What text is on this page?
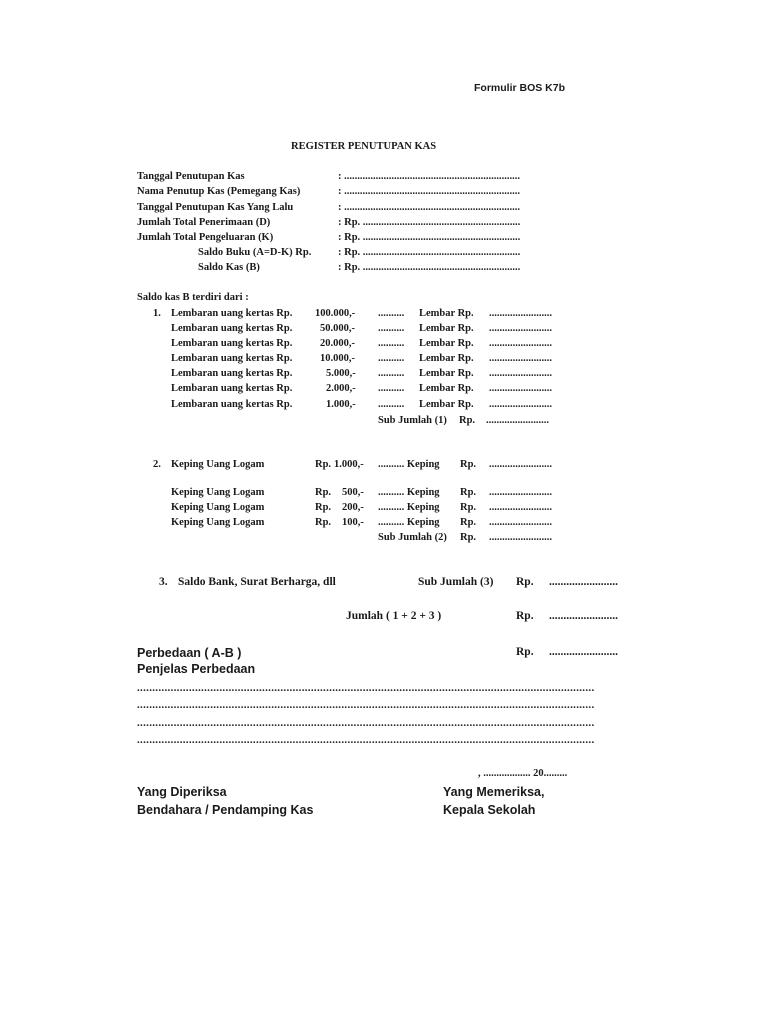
Formulir BOS K7b
REGISTER PENUTUPAN KAS
Tanggal Penutupan Kas	: ...................................................................
Nama Penutup Kas (Pemegang Kas)	: ...................................................................
Tanggal Penutupan Kas Yang Lalu	: ...................................................................
Jumlah Total Penerimaan (D)	: Rp. ............................................................
Jumlah Total Pengeluaran (K)	: Rp. ............................................................
Saldo Buku (A=D-K) Rp.	: Rp. ............................................................
Saldo Kas (B)	: Rp. ............................................................
Saldo kas B terdiri dari :
1. Lembaran uang kertas Rp. 100.000,- .......... Lembar Rp. ........................
Lembaran uang kertas Rp.	50.000,- .......... Lembar Rp. ........................
Lembaran uang kertas Rp.	20.000,- .......... Lembar Rp. ........................
Lembaran uang kertas Rp.	10.000,- .......... Lembar Rp. ........................
Lembaran uang kertas Rp.	5.000,- .......... Lembar Rp. ........................
Lembaran uang kertas Rp.	2.000,- .......... Lembar Rp. ........................
Lembaran uang kertas Rp.	1.000,- .......... Lembar Rp. ........................
Sub Jumlah (1) Rp. ........................
2. Keping Uang Logam	Rp. 1.000,- .......... Keping Rp. ........................
Keping Uang Logam	Rp. 500,- .......... Keping Rp. ........................
Keping Uang Logam	Rp. 200,- .......... Keping Rp. ........................
Keping Uang Logam	Rp. 100,- .......... Keping Rp. ........................
Sub Jumlah (2) Rp. ........................
3. Saldo Bank, Surat Berharga, dll	Sub Jumlah (3) Rp. ........................
Jumlah ( 1 + 2 + 3 )	Rp. ........................
Perbedaan ( A-B )	Rp. ........................
Penjelas Perbedaan
......................................................................................................................................................
......................................................................................................................................................
......................................................................................................................................................
......................................................................................................................................................
, .................. 20.........
Yang Diperiksa
Bendahara / Pendamping Kas
Yang Memeriksa,
Kepala Sekolah
